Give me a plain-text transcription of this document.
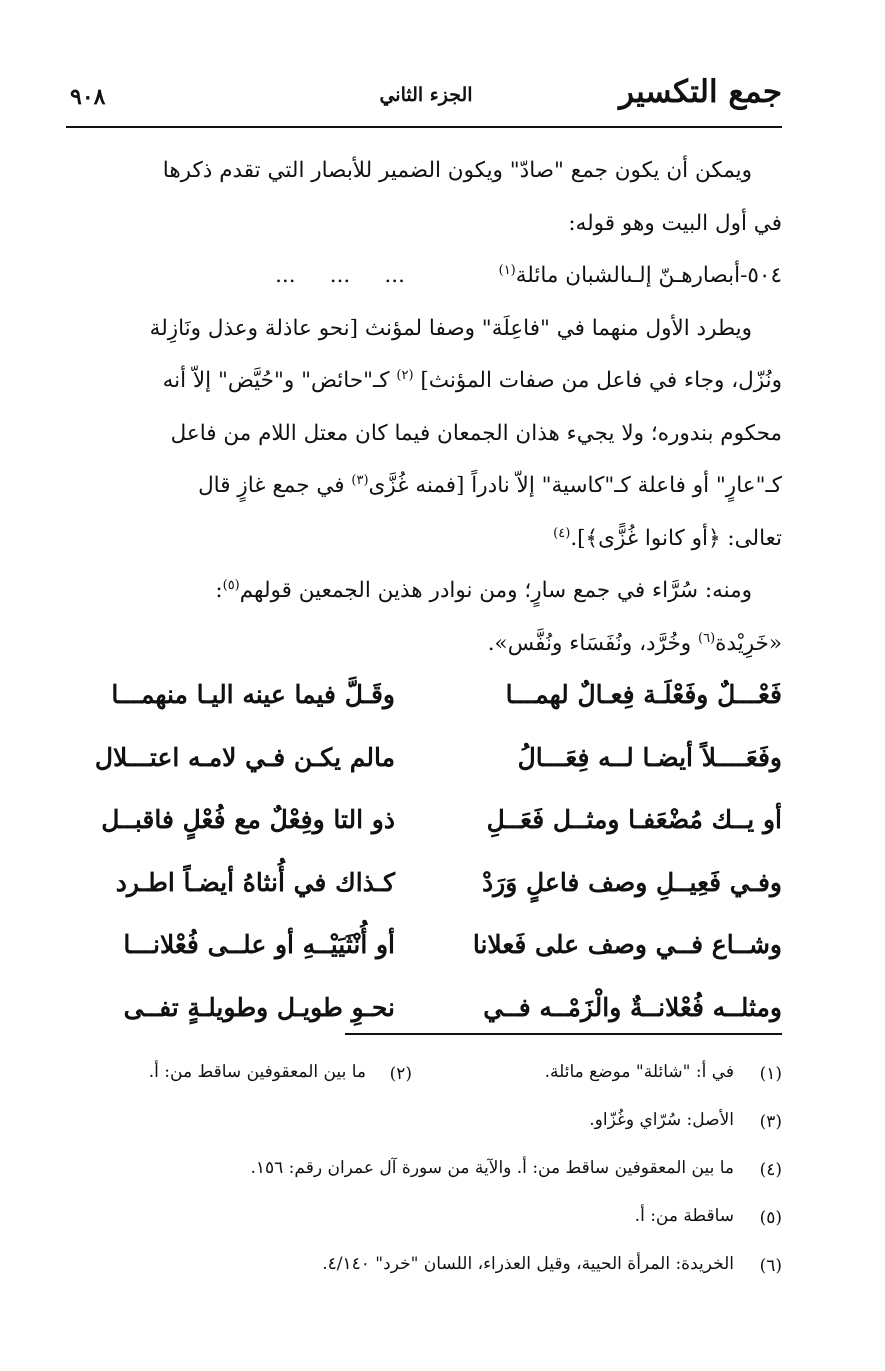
جمع التكسير
الجزء الثاني
٩٠٨

ويمكن أن يكون جمع "صادّ" ويكون الضمير للأبصار التي تقدم ذكرها

في أول البيت وهو قوله:

٥٠٤-أبصارهـنّ إلـىالشبان مائلة$^{(١)}$  ...     ...     ...

ويطرد الأول منهما في "فاعِلَة" وصفا لمؤنث [نحو عاذلة وعذل ونَازِلة

ونُزّل، وجاء في فاعل من صفات المؤنث] $^{(٢)}$ كـ"حائض" و"حُيَّض" إلاّ أنه

محكوم بندوره؛ ولا يجيء هذان الجمعان فيما كان معتل اللام من فاعل

كـ"عارٍ" أو فاعلة كـ"كاسية" إلاّ نادراً [فمنه غُزَّى$^{(٣)}$ في جمع غازٍ قال

تعالى: ﴿أو كانوا غُزًّى﴾].$^{(٤)}$

ومنه: سُرَّاء في جمع سارٍ؛ ومن نوادر هذين الجمعين قولهم$^{(٥)}$:

«خَرِيْدة$^{(٦)}$ وخُرَّد، ونُفَسَاء ونُفَّس».

فَعْـــلٌ وفَعْلَـة فِعـالٌ لهمـــا
وقَـلَّ فيما عينه اليـا منهمـــا
وفَعَــــلاً أيضـا لــه فِعَـــالُ
مالم يكـن فـي لامـه اعتـــلال
أو يــك مُضْعَفـا ومثــل فَعَــلِ
ذو التا وفِعْلٌ مع فُعْلٍ فاقبــل
وفـي فَعِيــلِ وصف فاعلٍ وَرَدْ
كـذاك في أُنثاهُ أيضـاً اطـرد
وشــاع فــي وصف على فَعلانا
أو أُنْثَيَيْــهِ أو علــى فُعْلانـــا
ومثلــه فُعْلانــةٌ والْزَمْــه فــي
نحـوِ طويـل وطويلـةٍ تفــى
(١)
في أ: "شائلة" موضع مائلة.
(٢)
ما بين المعقوفين ساقط من: أ.
(٣)
الأصل: سُرّاي وغُزّاو.
(٤)
ما بين المعقوفين ساقط من: أ. والآية من سورة آل عمران رقم: ١٥٦.
(٥)
ساقطة من: أ.
(٦)
الخريدة: المرأة الحيية، وقيل العذراء، اللسان "خرد" ٤/١٤٠.
